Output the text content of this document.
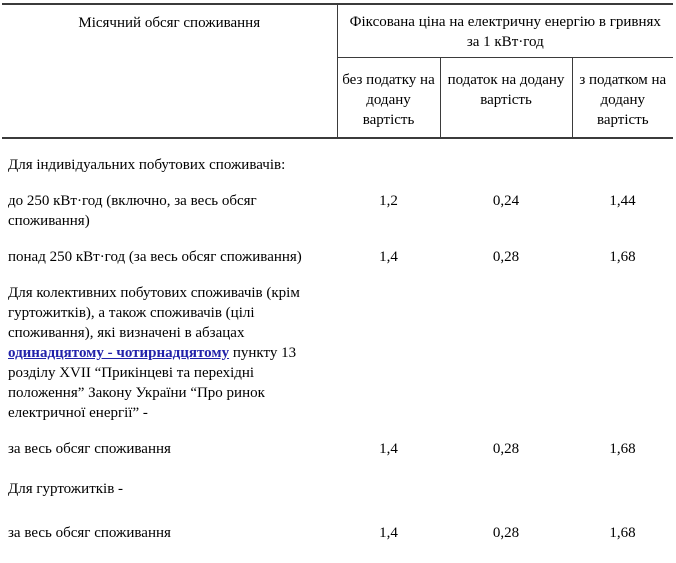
Місячний обсяг споживання	Фіксована ціна на електричну енергію в гривнях за 1 кВт·год		
	без податку на додану вартість	податок на додану вартість	з податком на додану вартість
Для індивідуальних побутових споживачів:			
до 250 кВт·год (включно, за весь обсяг споживання)	1,2	0,24	1,44
понад 250 кВт·год (за весь обсяг споживання)	1,4	0,28	1,68
Для колективних побутових споживачів (крім гуртожитків), а також споживачів (цілі споживання), які визначені в абзацах одинадцятому - чотирнадцятому пункту 13 розділу XVII “Прикінцеві та перехідні положення” Закону України “Про ринок електричної енергії” -			
за весь обсяг споживання	1,4	0,28	1,68
Для гуртожитків -			
за весь обсяг споживання	1,4	0,28	1,68
